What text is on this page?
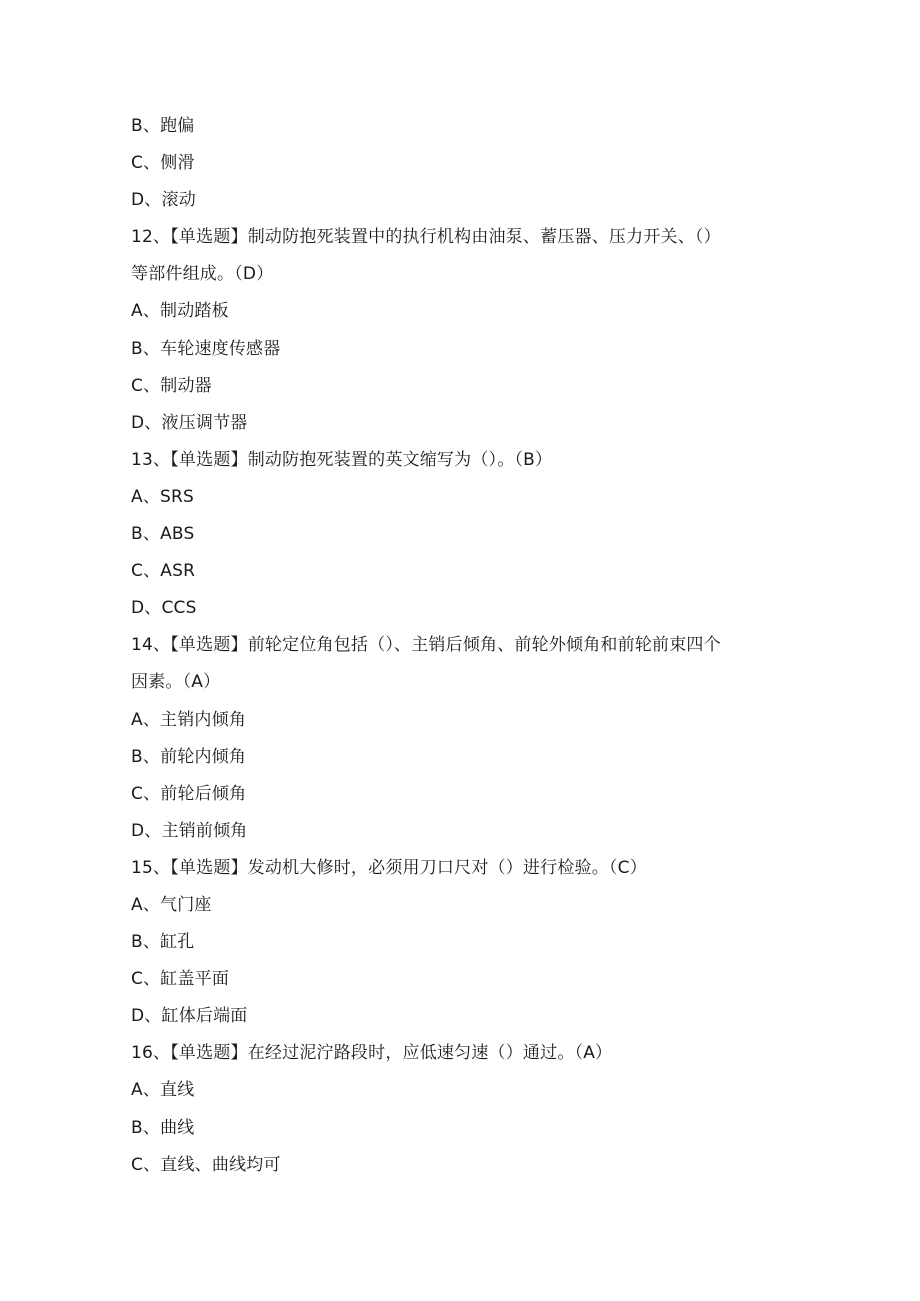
B、跑偏
C、侧滑
D、滚动
12、【单选题】制动防抱死装置中的执行机构由油泵、蓄压器、压力开关、（）
等部件组成。（D）
A、制动踏板
B、车轮速度传感器
C、制动器
D、液压调节器
13、【单选题】制动防抱死装置的英文缩写为（）。（B）
A、SRS
B、ABS
C、ASR
D、CCS
14、【单选题】前轮定位角包括（）、主销后倾角、前轮外倾角和前轮前束四个
因素。（A）
A、主销内倾角
B、前轮内倾角
C、前轮后倾角
D、主销前倾角
15、【单选题】发动机大修时，必须用刀口尺对（）进行检验。（C）
A、气门座
B、缸孔
C、缸盖平面
D、缸体后端面
16、【单选题】在经过泥泞路段时，应低速匀速（）通过。（A）
A、直线
B、曲线
C、直线、曲线均可
